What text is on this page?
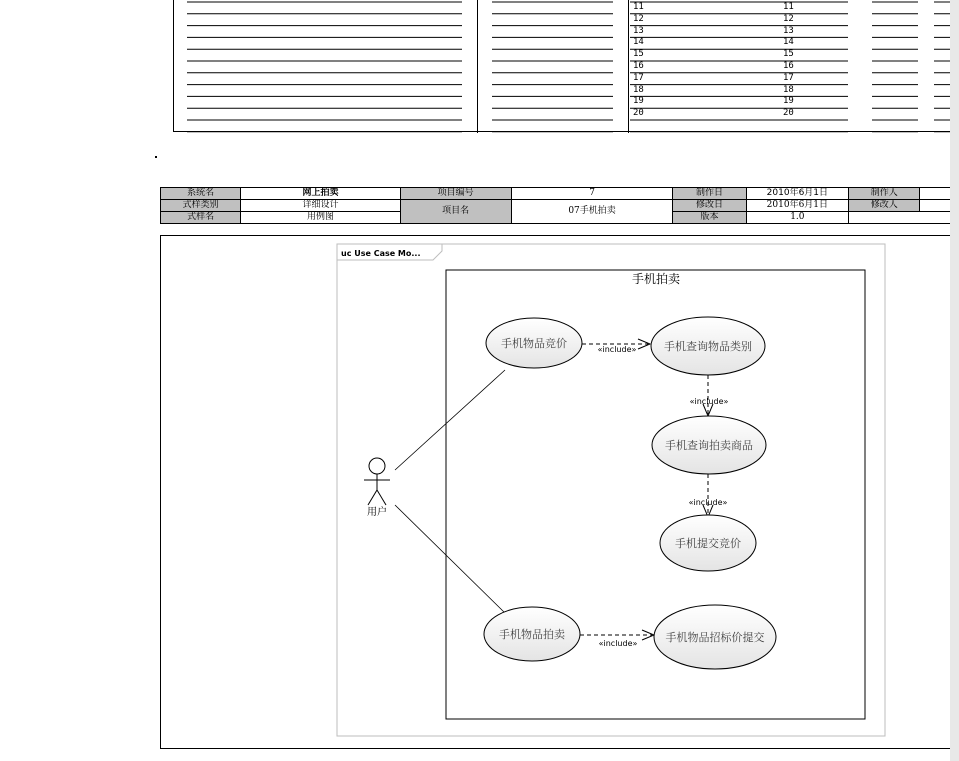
11	11
12	12
13	13
14	14
15	15
16	16
17	17
18	18
19	19
20	20
系统名	网上拍卖	项目编号	7	制作日	2010年6月1日	制作人	
式样类别	详细设计	项目名	07手机拍卖	修改日	2010年6月1日	修改人	
式样名	用例图			版本	1.0		
uc Use Case Mo...
手机拍卖
用户
«include»
«include»
«include»
«include»
手机物品竞价	手机查询物品类别
手机查询拍卖商品
手机提交竞价
手机物品拍卖	手机物品招标价提交
